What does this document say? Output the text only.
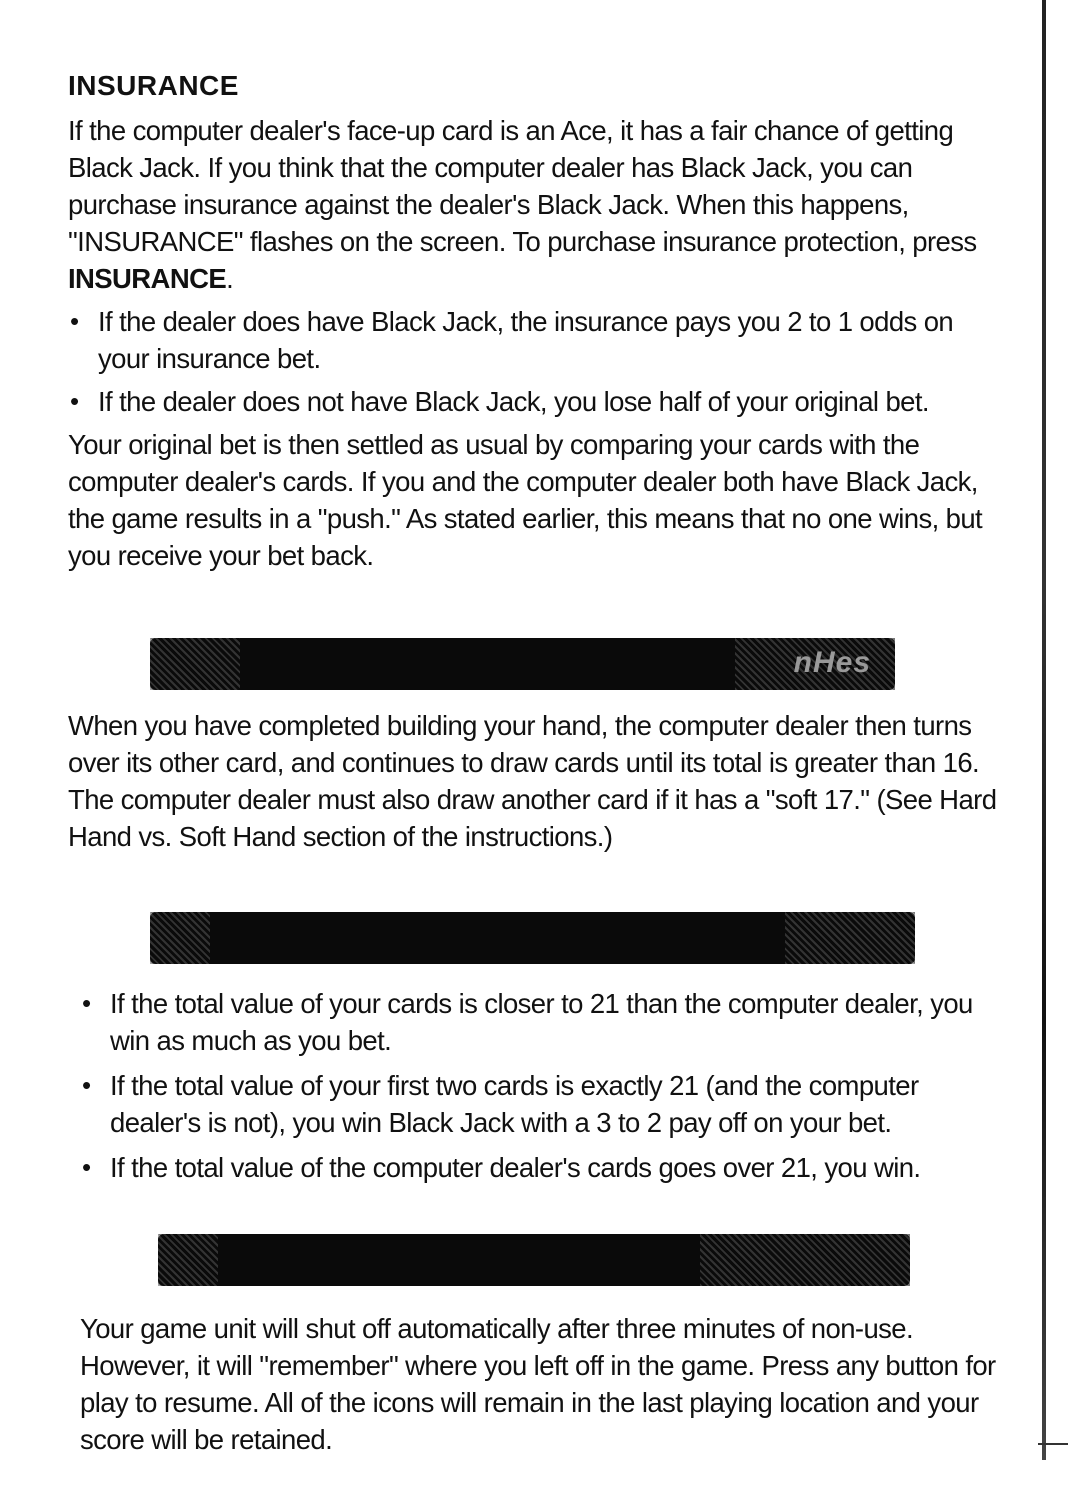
INSURANCE

If the computer dealer's face-up card is an Ace, it has a fair chance of getting Black Jack. If you think that the computer dealer has Black Jack, you can purchase insurance against the dealer's Black Jack. When this happens, "INSURANCE" flashes on the screen. To purchase insurance protection, press INSURANCE.

• If the dealer does have Black Jack, the insurance pays you 2 to 1 odds on your insurance bet.
• If the dealer does not have Black Jack, you lose half of your original bet.

Your original bet is then settled as usual by comparing your cards with the computer dealer's cards. If you and the computer dealer both have Black Jack, the game results in a "push." As stated earlier, this means that no one wins, but you receive your bet back.

nHes

When you have completed building your hand, the computer dealer then turns over its other card, and continues to draw cards until its total is greater than 16. The computer dealer must also draw another card if it has a "soft 17." (See Hard Hand vs. Soft Hand section of the instructions.)

• If the total value of your cards is closer to 21 than the computer dealer, you win as much as you bet.
• If the total value of your first two cards is exactly 21 (and the computer dealer's is not), you win Black Jack with a 3 to 2 pay off on your bet.
• If the total value of the computer dealer's cards goes over 21, you win.

Your game unit will shut off automatically after three minutes of non-use. However, it will "remember" where you left off in the game. Press any button for play to resume. All of the icons will remain in the last playing location and your score will be retained.
